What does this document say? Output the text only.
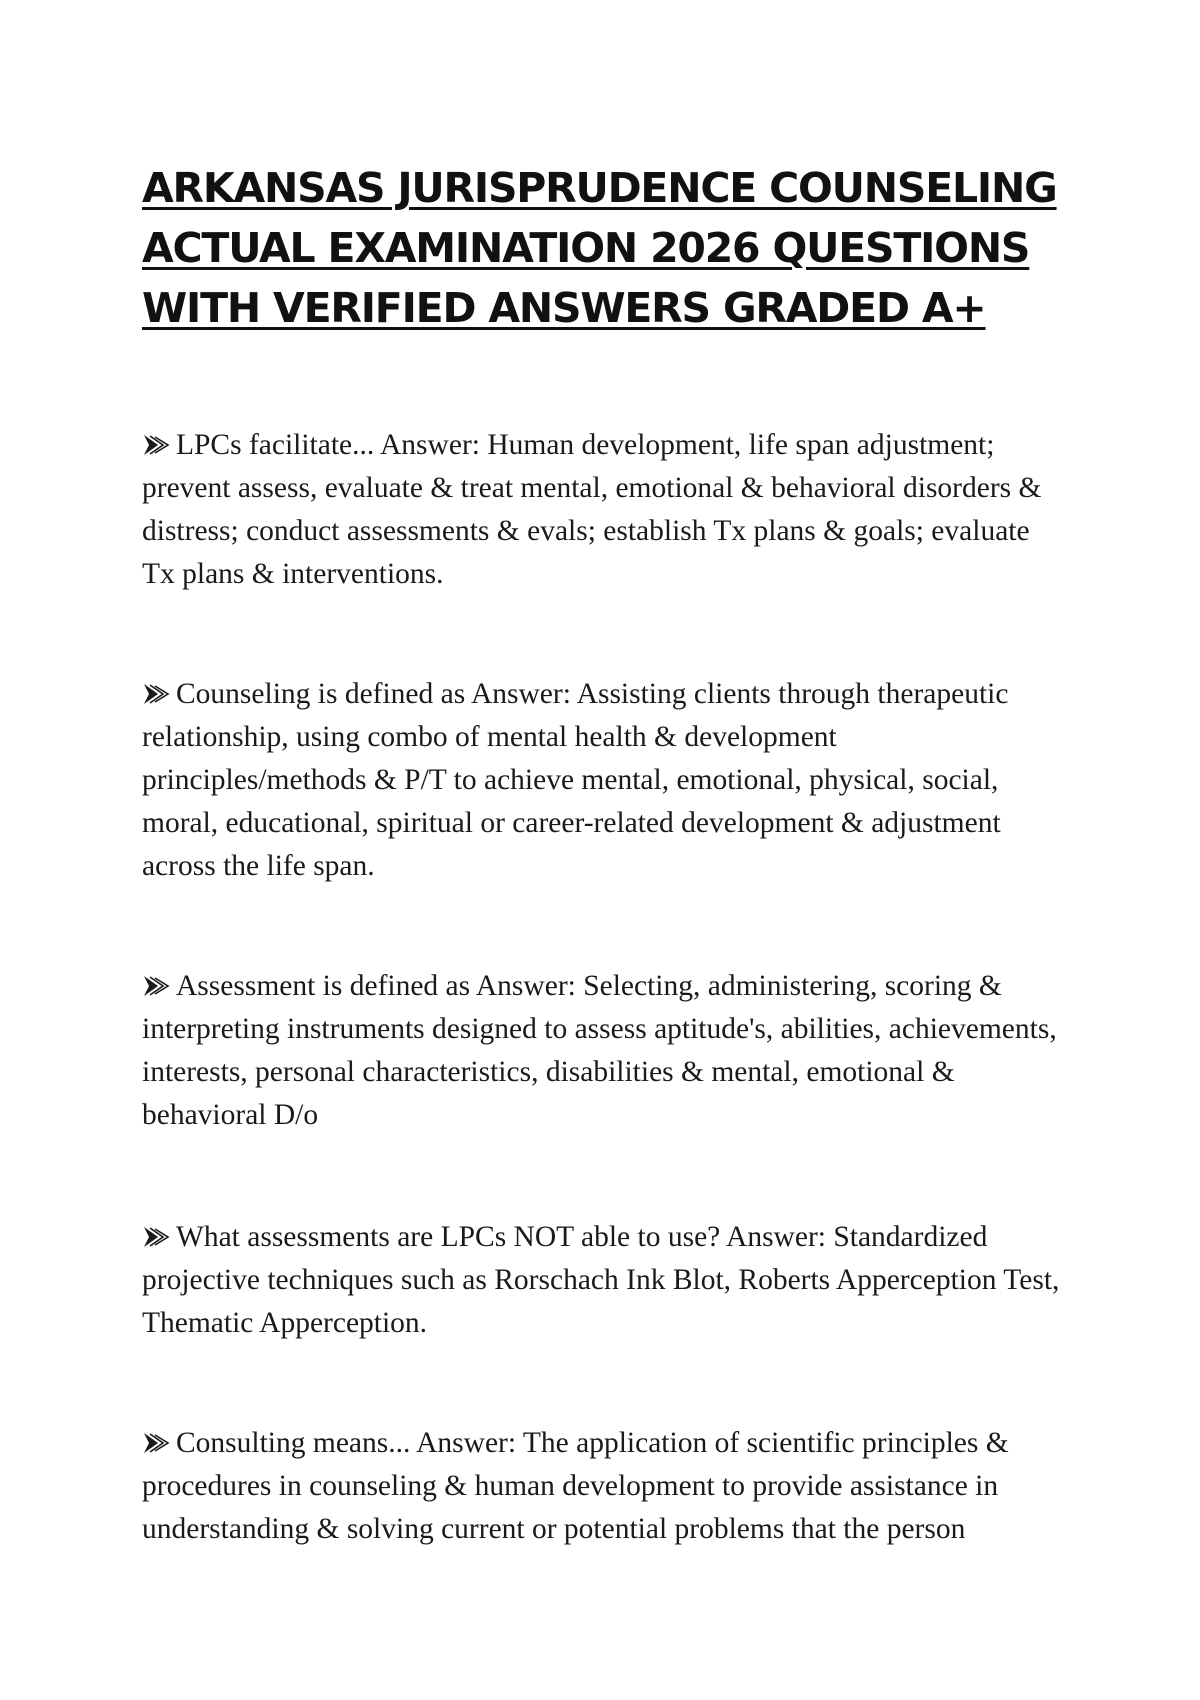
ARKANSAS JURISPRUDENCE COUNSELING ACTUAL EXAMINATION 2026 QUESTIONS WITH VERIFIED ANSWERS GRADED A+

LPCs facilitate... Answer: Human development, life span adjustment; prevent assess, evaluate & treat mental, emotional & behavioral disorders & distress; conduct assessments & evals; establish Tx plans & goals; evaluate Tx plans & interventions.

Counseling is defined as Answer: Assisting clients through therapeutic relationship, using combo of mental health & development principles/methods & P/T to achieve mental, emotional, physical, social, moral, educational, spiritual or career-related development & adjustment across the life span.

Assessment is defined as Answer: Selecting, administering, scoring & interpreting instruments designed to assess aptitude's, abilities, achievements, interests, personal characteristics, disabilities & mental, emotional & behavioral D/o

What assessments are LPCs NOT able to use? Answer: Standardized projective techniques such as Rorschach Ink Blot, Roberts Apperception Test, Thematic Apperception.

Consulting means... Answer: The application of scientific principles & procedures in counseling & human development to provide assistance in understanding & solving current or potential problems that the person
